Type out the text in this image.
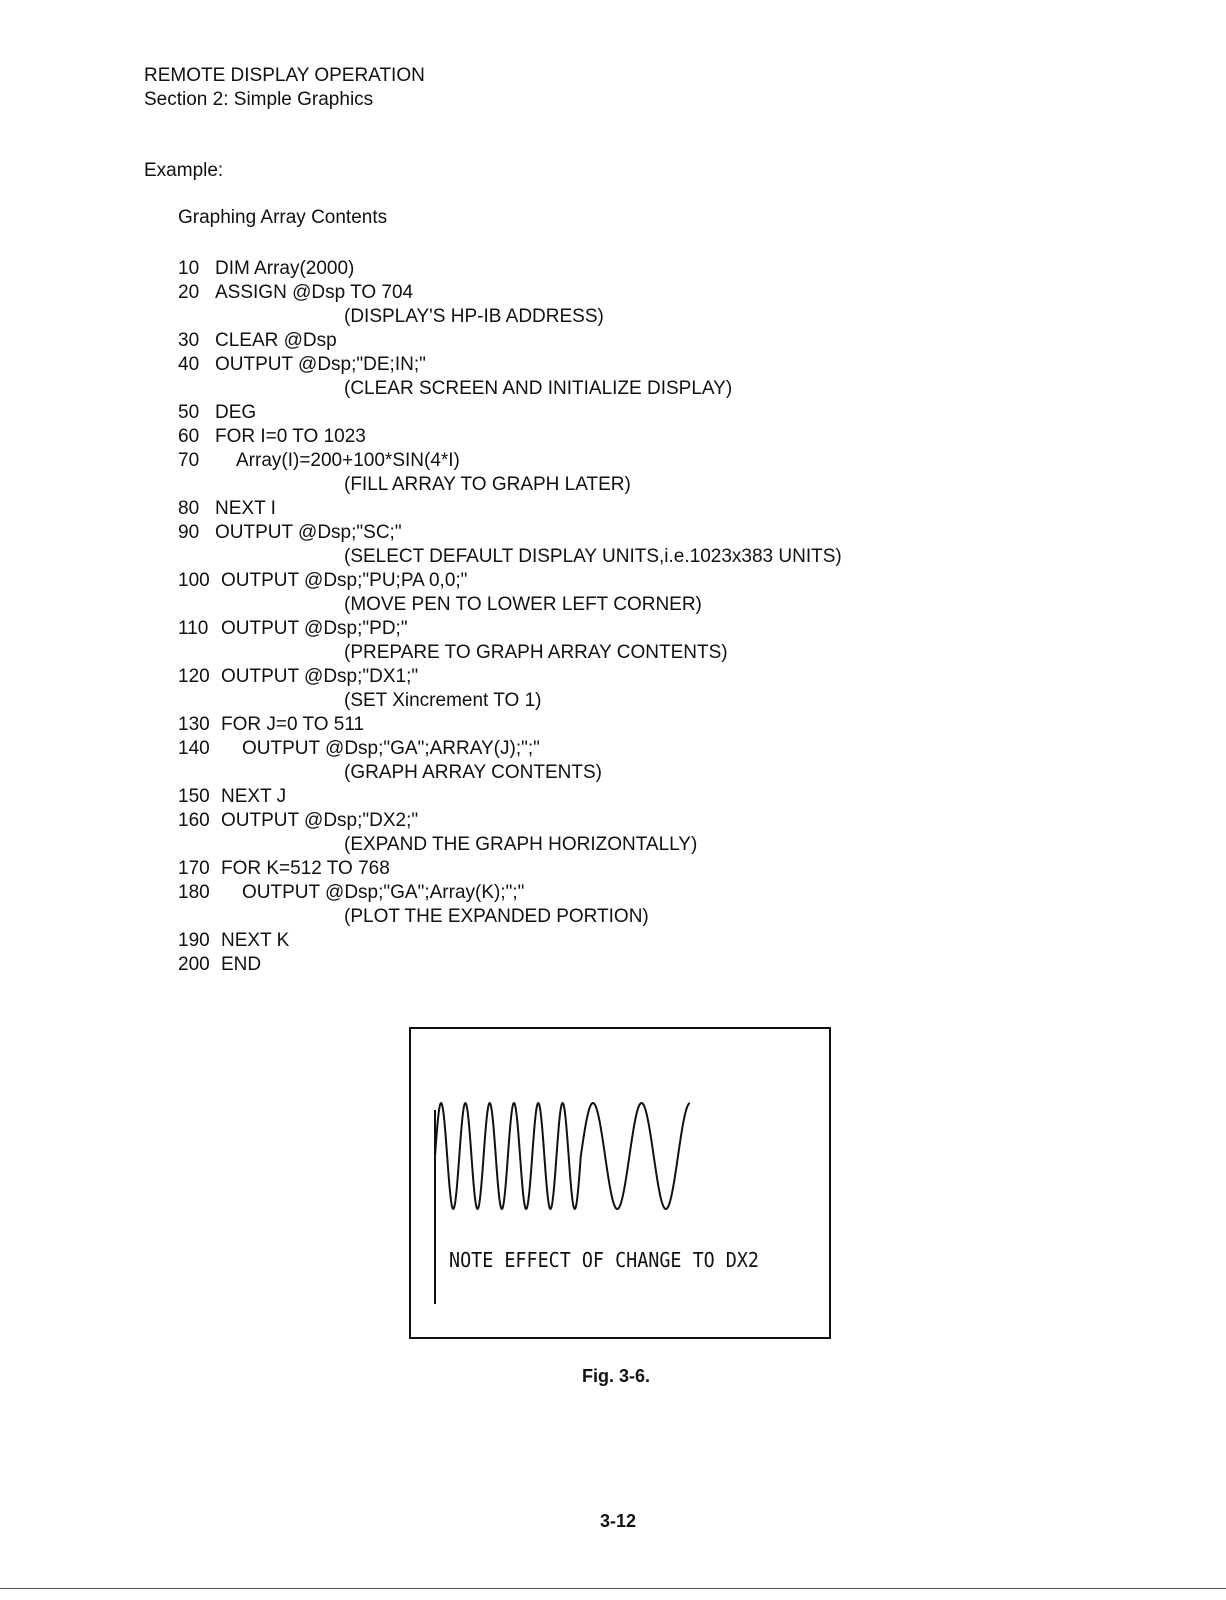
REMOTE DISPLAY OPERATION
Section 2: Simple Graphics
Example:
Graphing Array Contents
10 DIM Array(2000)
20 ASSIGN @Dsp TO 704
(DISPLAY'S HP-IB ADDRESS)
30 CLEAR @Dsp
40 OUTPUT @Dsp;"DE;IN;"
(CLEAR SCREEN AND INITIALIZE DISPLAY)
50 DEG
60 FOR I=0 TO 1023
70 Array(I)=200+100*SIN(4*I)
(FILL ARRAY TO GRAPH LATER)
80 NEXT I
90 OUTPUT @Dsp;"SC;"
(SELECT DEFAULT DISPLAY UNITS,i.e.1023x383 UNITS)
100 OUTPUT @Dsp;"PU;PA 0,0;"
(MOVE PEN TO LOWER LEFT CORNER)
110 OUTPUT @Dsp;"PD;"
(PREPARE TO GRAPH ARRAY CONTENTS)
120 OUTPUT @Dsp;"DX1;"
(SET Xincrement TO 1)
130 FOR J=0 TO 511
140 OUTPUT @Dsp;"GA";ARRAY(J);";"
(GRAPH ARRAY CONTENTS)
150 NEXT J
160 OUTPUT @Dsp;"DX2;"
(EXPAND THE GRAPH HORIZONTALLY)
170 FOR K=512 TO 768
180 OUTPUT @Dsp;"GA";Array(K);";"
(PLOT THE EXPANDED PORTION)
190 NEXT K
200 END
NOTE EFFECT OF CHANGE TO DX2
Fig. 3-6.
3-12
